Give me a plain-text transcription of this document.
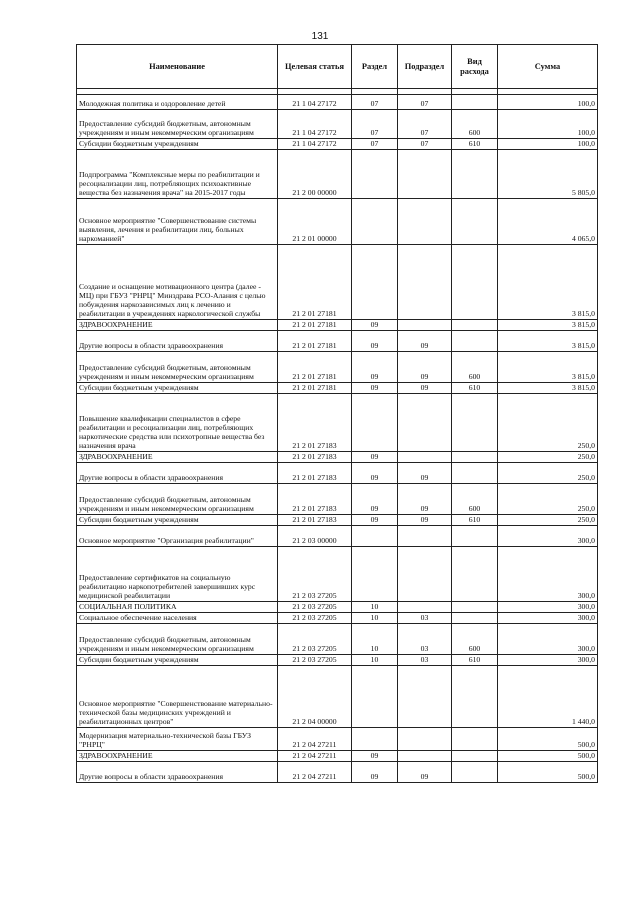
131
Наименование	Целевая статья	Раздел	Подраздел	Вид расхода	Сумма

Молодежная политика и оздоровление детей	21 1 04 27172	07	07		100,0
Предоставление субсидий бюджетным, автономным учреждениям и иным некоммерческим организациям	21 1 04 27172	07	07	600	100,0
Субсидии бюджетным учреждениям	21 1 04 27172	07	07	610	100,0
Подпрограмма "Комплексные меры по реабилитации и ресоциализации лиц, потребляющих психоактивные вещества без назначения врача" на 2015-2017 годы	21 2 00 00000				5 805,0
Основное мероприятие "Совершенствование системы выявления, лечения и реабилитации лиц, больных наркоманией"	21 2 01 00000				4 065,0
Создание и оснащение мотивационного центра (далее - МЦ) при ГБУЗ "РНРЦ" Минздрава РСО-Алания с целью побуждения наркозависимых лиц к лечению и реабилитации в учреждениях наркологической службы	21 2 01 27181				3 815,0
ЗДРАВООХРАНЕНИЕ	21 2 01 27181	09			3 815,0
Другие вопросы в области здравоохранения	21 2 01 27181	09	09		3 815,0
Предоставление субсидий бюджетным, автономным учреждениям и иным некоммерческим организациям	21 2 01 27181	09	09	600	3 815,0
Субсидии бюджетным учреждениям	21 2 01 27181	09	09	610	3 815,0
Повышение квалификации специалистов в сфере реабилитации и ресоциализации лиц, потребляющих наркотические средства или психотропные вещества без назначения врача	21 2 01 27183				250,0
ЗДРАВООХРАНЕНИЕ	21 2 01 27183	09			250,0
Другие вопросы в области здравоохранения	21 2 01 27183	09	09		250,0
Предоставление субсидий бюджетным, автономным учреждениям и иным некоммерческим организациям	21 2 01 27183	09	09	600	250,0
Субсидии бюджетным учреждениям	21 2 01 27183	09	09	610	250,0
Основное мероприятие "Организация реабилитации"	21 2 03 00000				300,0
Предоставление сертификатов на социальную реабилитацию наркопотребителей завершивших курс медицинской реабилитации	21 2 03 27205				300,0
СОЦИАЛЬНАЯ ПОЛИТИКА	21 2 03 27205	10			300,0
Социальное обеспечение населения	21 2 03 27205	10	03		300,0
Предоставление субсидий бюджетным, автономным учреждениям и иным некоммерческим организациям	21 2 03 27205	10	03	600	300,0
Субсидии бюджетным учреждениям	21 2 03 27205	10	03	610	300,0
Основное мероприятие "Совершенствование материально-технической базы медицинских учреждений и реабилитационных центров"	21 2 04 00000				1 440,0
Модернизация материально-технической базы ГБУЗ "РНРЦ"	21 2 04 27211				500,0
ЗДРАВООХРАНЕНИЕ	21 2 04 27211	09			500,0
Другие вопросы в области здравоохранения	21 2 04 27211	09	09		500,0
